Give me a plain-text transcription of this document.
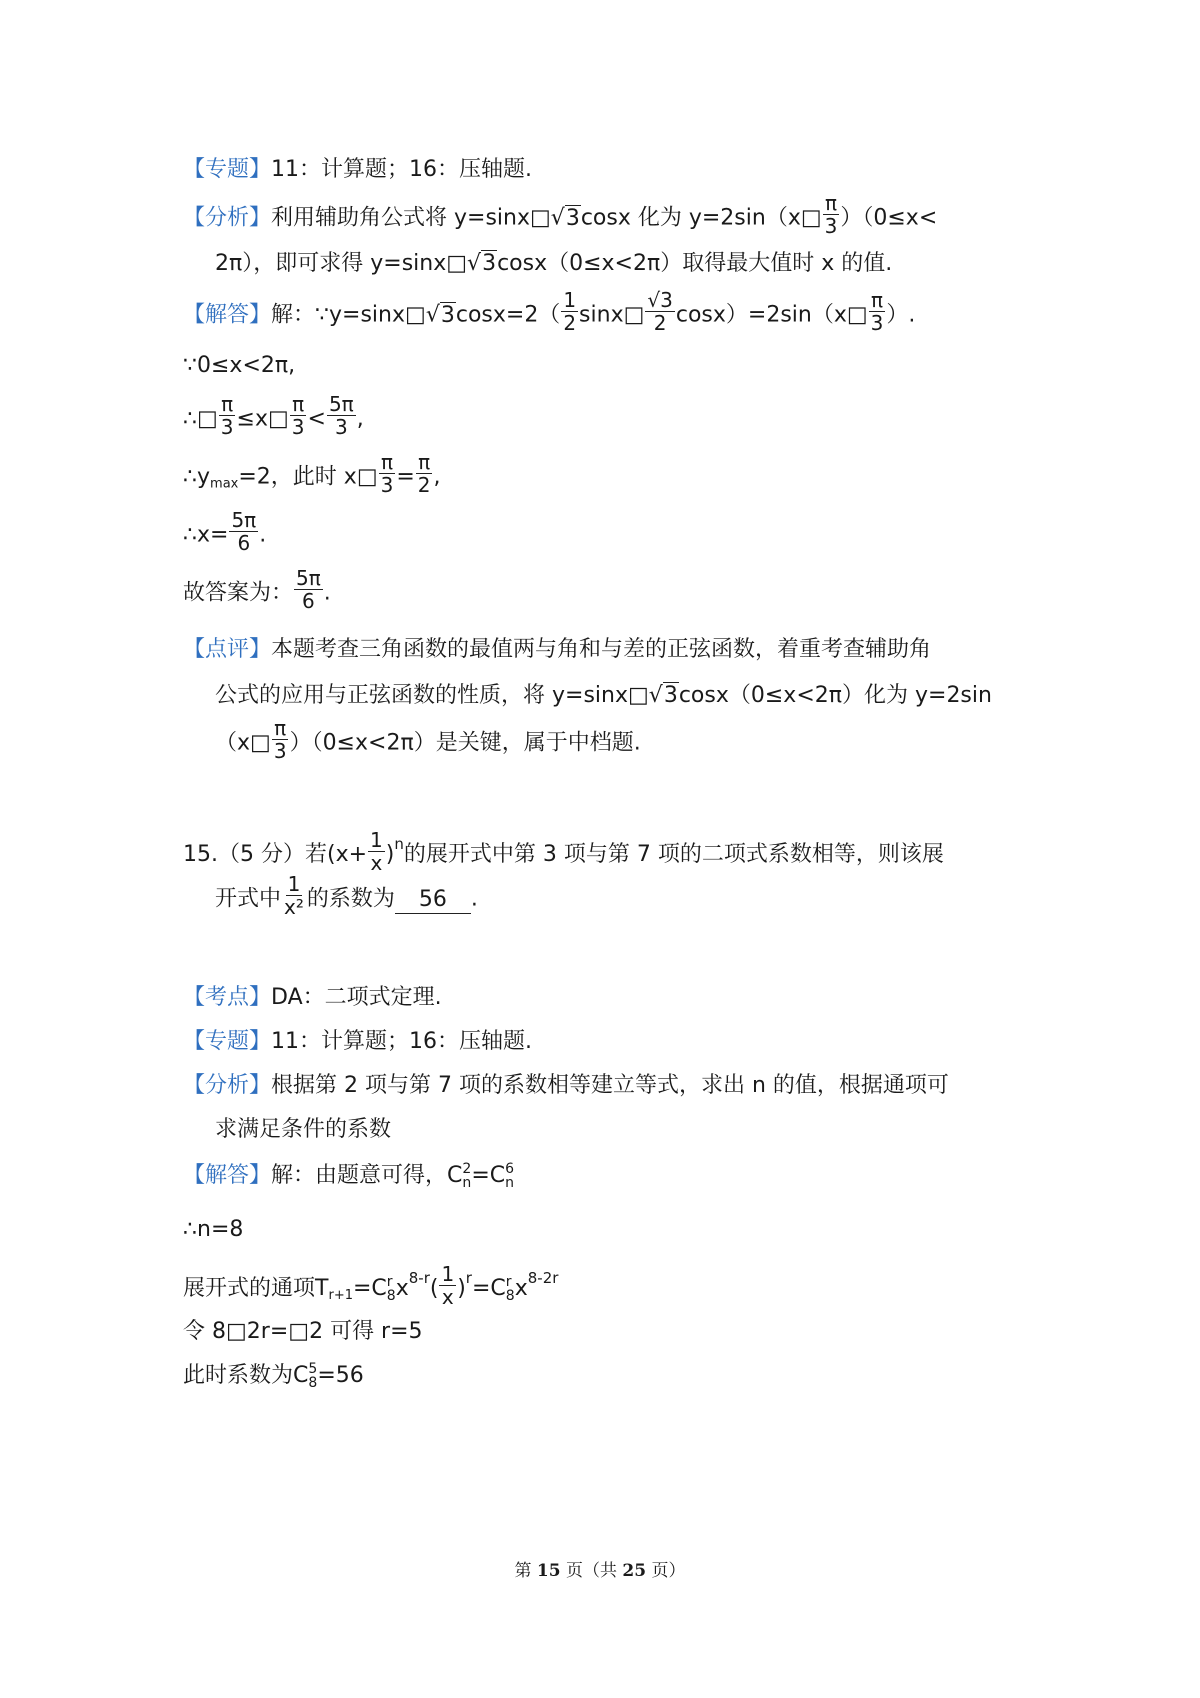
【专题】11：计算题；16：压轴题.
【分析】利用辅助角公式将 y=sinx□√3cosx 化为 y=2sin（x□ $\frac{\pi}{3} )(0\le x<$
2π），即可求得 y=sinx□√3cosx（0≤x<2π）取得最大值时 x 的值.
【解答】解：∵y=sinx□√3cosx=2（ $\frac{1}{2}$ sinx□ $\frac{√3}{2}$ cosx）=2sin（x□ $\frac{\pi}{3}$ ）.
∵0≤x<2π,
∴□ $\frac{\pi}{3}$ ≤x□ $\frac{\pi}{3} < \frac{5\pi}{3}$ ,
$\therefore y_{max}=2$，此时 x□ $\frac{\pi}{3} = \frac{\pi}{2}$ ,
∴x= $\frac{5\pi}{6}$ .
故答案为： $\frac{5\pi}{6}$ .
【点评】本题考查三角函数的最值两与角和与差的正弦函数，着重考查辅助角
公式的应用与正弦函数的性质，将 y=sinx□√3cosx（0≤x<2π）化为 y=2sin
（x□ $\frac{\pi}{3} )(0\le x<2\pi)$是关键，属于中档题.
15.（5 分）若$(x+ \frac{1}{x} )^n$的展开式中第 3 项与第 7 项的二项式系数相等，则该展
开式中 $\frac{1}{\text{x²}}$ 的系数为 56 .
【考点】DA：二项式定理.
【专题】11：计算题；16：压轴题.
【分析】根据第 2 项与第 7 项的系数相等建立等式，求出 n 的值，根据通项可
求满足条件的系数
【解答】解：由题意可得，C 2
n =C 6
n
∴n=8
展开式的通项$T_{r+1}=C$ r
8 $x^{8-r}( \frac{1}{x} )^r=C$ r
8 $x^{8-2r}$
令 8□2r=□2 可得 r=5
此时系数为C 5
8 =56
第 15 页（共 25 页）
